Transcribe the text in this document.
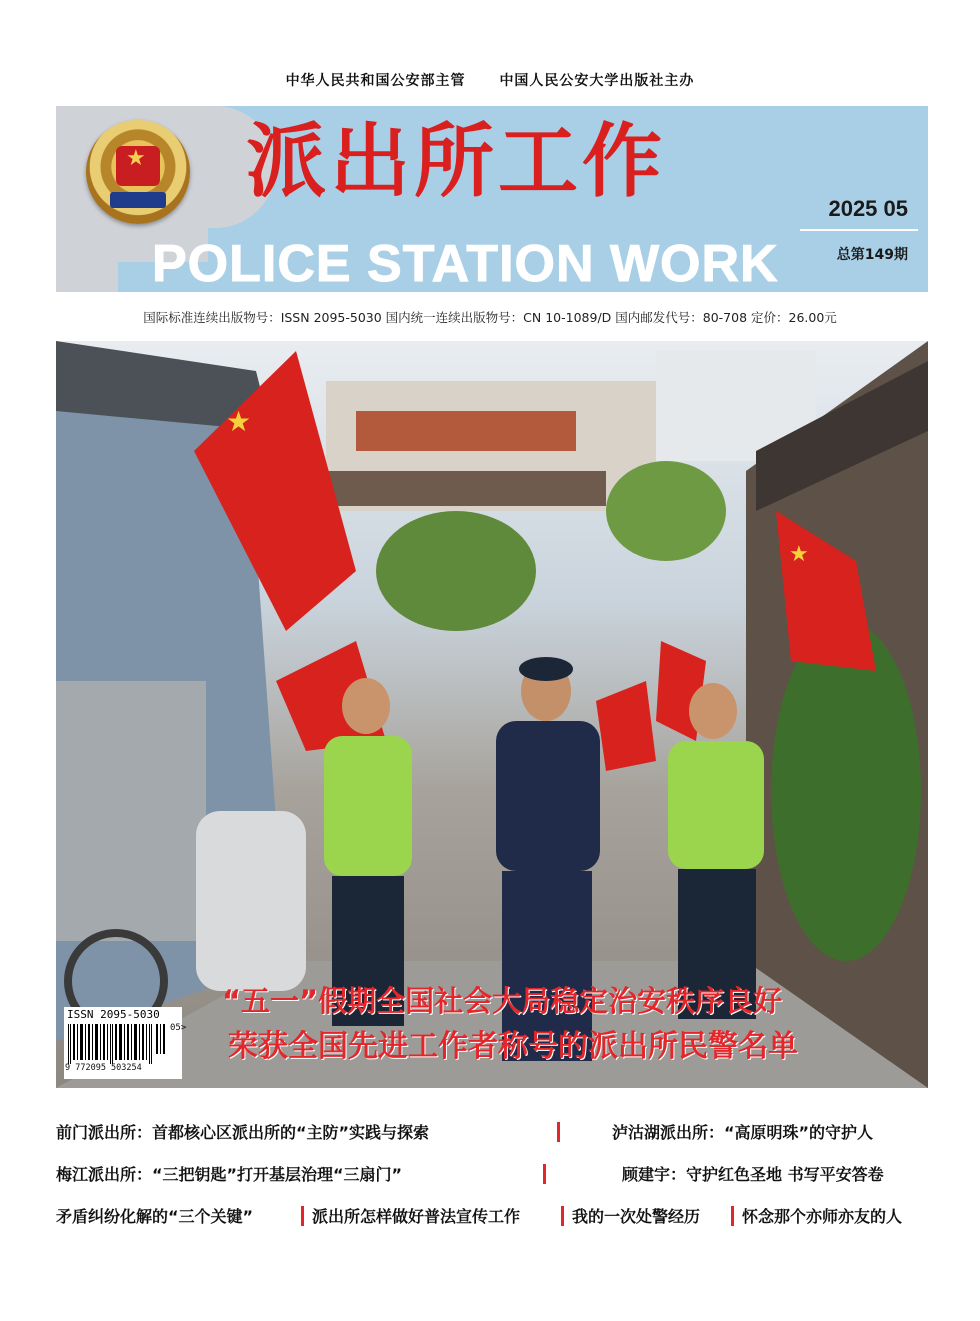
中华人民共和国公安部主管 中国人民公安大学出版社主办
★ 派出所工作
2025 05
总第149期
POLICE STATION WORK
国际标准连续出版物号：ISSN 2095-5030 国内统一连续出版物号：CN 10-1089/D 国内邮发代号：80-708 定价：26.00元
★
★
“五一”假期全国社会大局稳定治安秩序良好
荣获全国先进工作者称号的派出所民警名单
ISSN 2095-5030
05>
9 772095 503254
前门派出所：首都核心区派出所的“主防”实践与探索	泸沽湖派出所：“高原明珠”的守护人
梅江派出所：“三把钥匙”打开基层治理“三扇门”	顾建宇：守护红色圣地 书写平安答卷
矛盾纠纷化解的“三个关键”	派出所怎样做好普法宣传工作	我的一次处警经历	怀念那个亦师亦友的人
